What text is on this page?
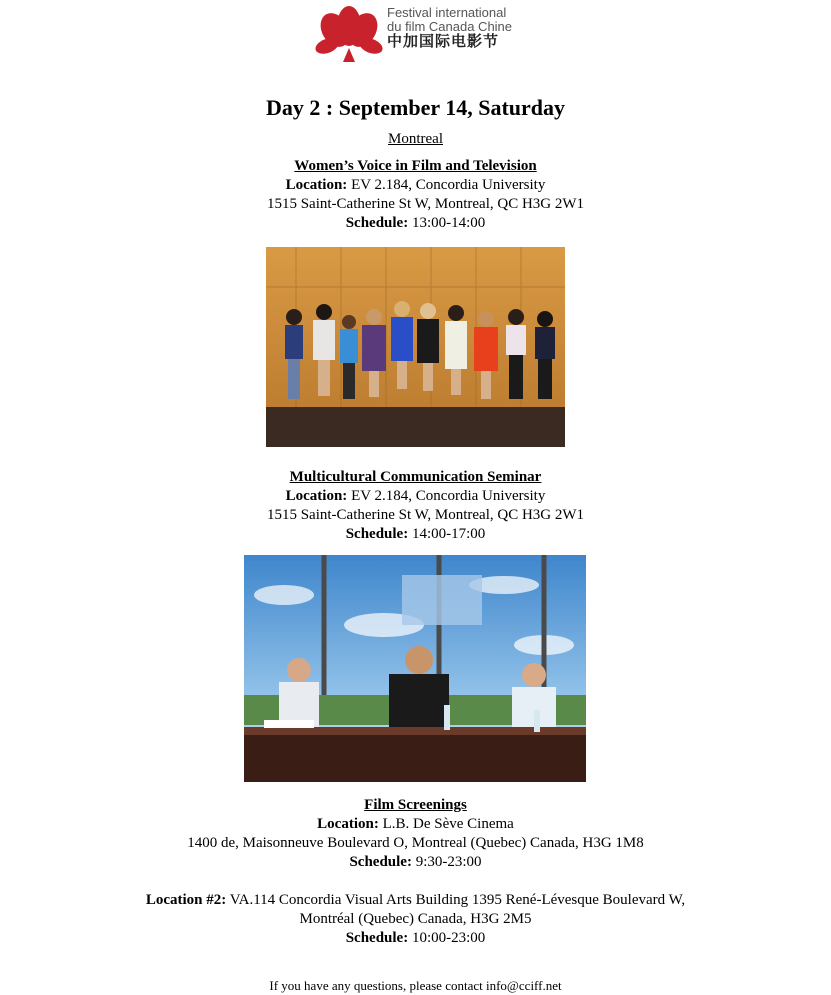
Festival international
du film Canada Chine
中加国际电影节
Day 2 : September 14, Saturday
Montreal
Women’s Voice in Film and Television
Location: EV 2.184, Concordia University
1515 Saint-Catherine St W, Montreal, QC H3G 2W1
Schedule: 13:00-14:00
Multicultural Communication Seminar
Location: EV 2.184, Concordia University
1515 Saint-Catherine St W, Montreal, QC H3G 2W1
Schedule: 14:00-17:00
Film Screenings
Location: L.B. De Sève Cinema
1400 de, Maisonneuve Boulevard O, Montreal (Quebec) Canada, H3G 1M8
Schedule: 9:30-23:00
Location #2: VA.114 Concordia Visual Arts Building 1395 René-Lévesque Boulevard W,
Montréal (Quebec) Canada, H3G 2M5
Schedule: 10:00-23:00
If you have any questions, please contact info@cciff.net
